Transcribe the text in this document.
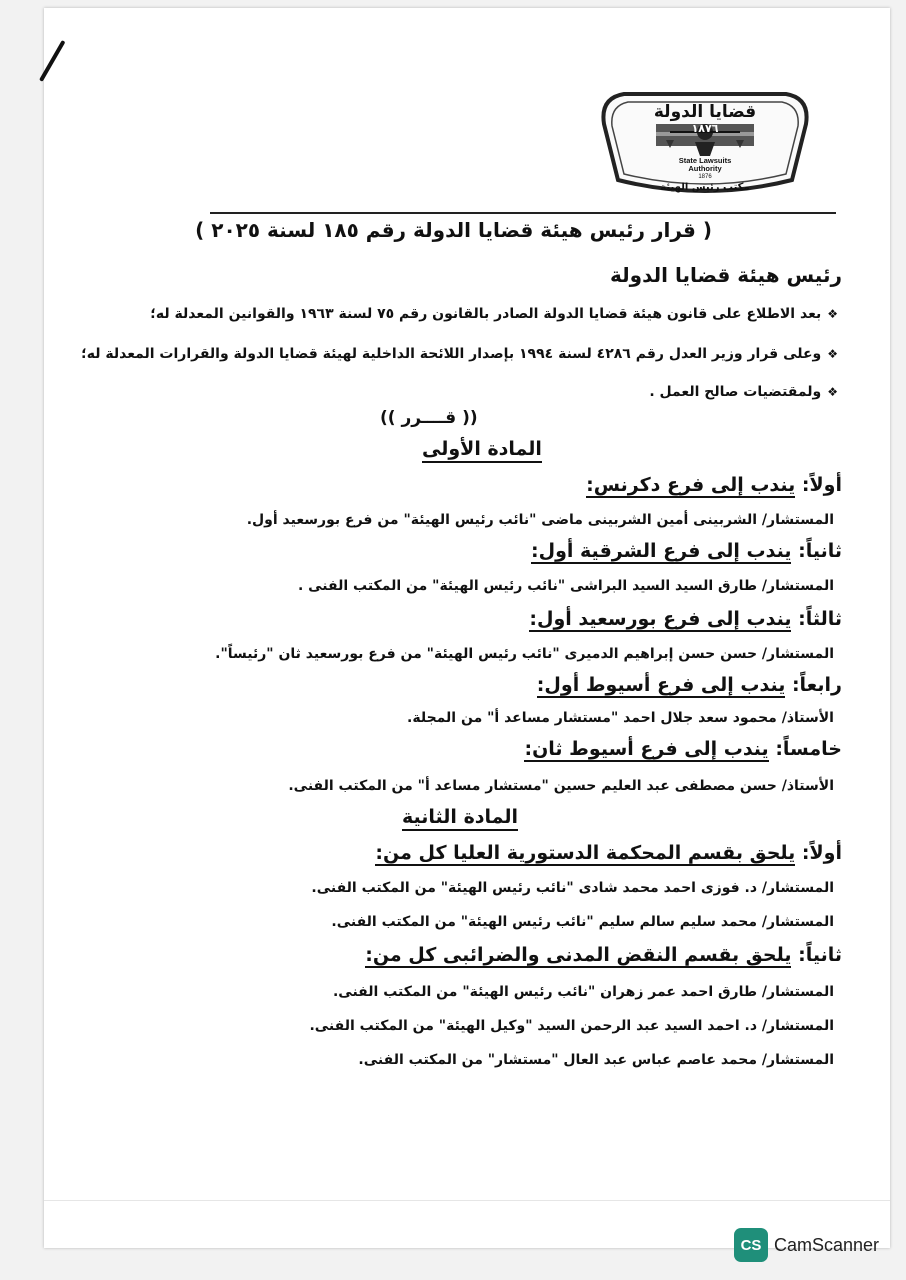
قضايا الدولة
١٨٧٦
State Lawsuits
Authority
1876
مكتب رئيس الهيئة
( قرار رئيس هيئة قضايا الدولة رقم ١٨٥ لسنة ٢٠٢٥ )
رئيس هيئة قضايا الدولة
❖بعد الاطلاع على قانون هيئة قضايا الدولة الصادر بالقانون رقم ٧٥ لسنة ١٩٦٣ والقوانين المعدلة له؛
❖وعلى قرار وزير العدل رقم ٤٢٨٦ لسنة ١٩٩٤ بإصدار اللائحة الداخلية لهيئة قضايا الدولة والقرارات المعدلة له؛
❖ولمقتضيات صالح العمل .
(( قــــرر ))
المادة الأولى
أولاً: يندب إلى فرع دكرنس:
المستشار/ الشربينى أمين الشربينى ماضى "نائب رئيس الهيئة" من فرع بورسعيد أول.
ثانياً: يندب إلى فرع الشرقية أول:
المستشار/ طارق السيد السيد البراشى "نائب رئيس الهيئة" من المكتب الفنى .
ثالثاً: يندب إلى فرع بورسعيد أول:
المستشار/ حسن حسن إبراهيم الدميرى "نائب رئيس الهيئة" من فرع بورسعيد ثان "رئيساً".
رابعاً: يندب إلى فرع أسيوط أول:
الأستاذ/ محمود سعد جلال احمد "مستشار مساعد أ" من المجلة.
خامساً: يندب إلى فرع أسيوط ثان:
الأستاذ/ حسن مصطفى عبد العليم حسين "مستشار مساعد أ" من المكتب الفنى.
المادة الثانية
أولاً: يلحق بقسم المحكمة الدستورية العليا كل من:
المستشار/ د. فوزى احمد محمد شادى "نائب رئيس الهيئة" من المكتب الفنى.
المستشار/ محمد سليم سالم سليم "نائب رئيس الهيئة" من المكتب الفنى.
ثانياً: يلحق بقسم النقض المدنى والضرائبى كل من:
المستشار/ طارق احمد عمر زهران "نائب رئيس الهيئة" من المكتب الفنى.
المستشار/ د. احمد السيد عبد الرحمن السيد "وكيل الهيئة" من المكتب الفنى.
المستشار/ محمد عاصم عباس عبد العال "مستشار" من المكتب الفنى.
CS CamScanner
